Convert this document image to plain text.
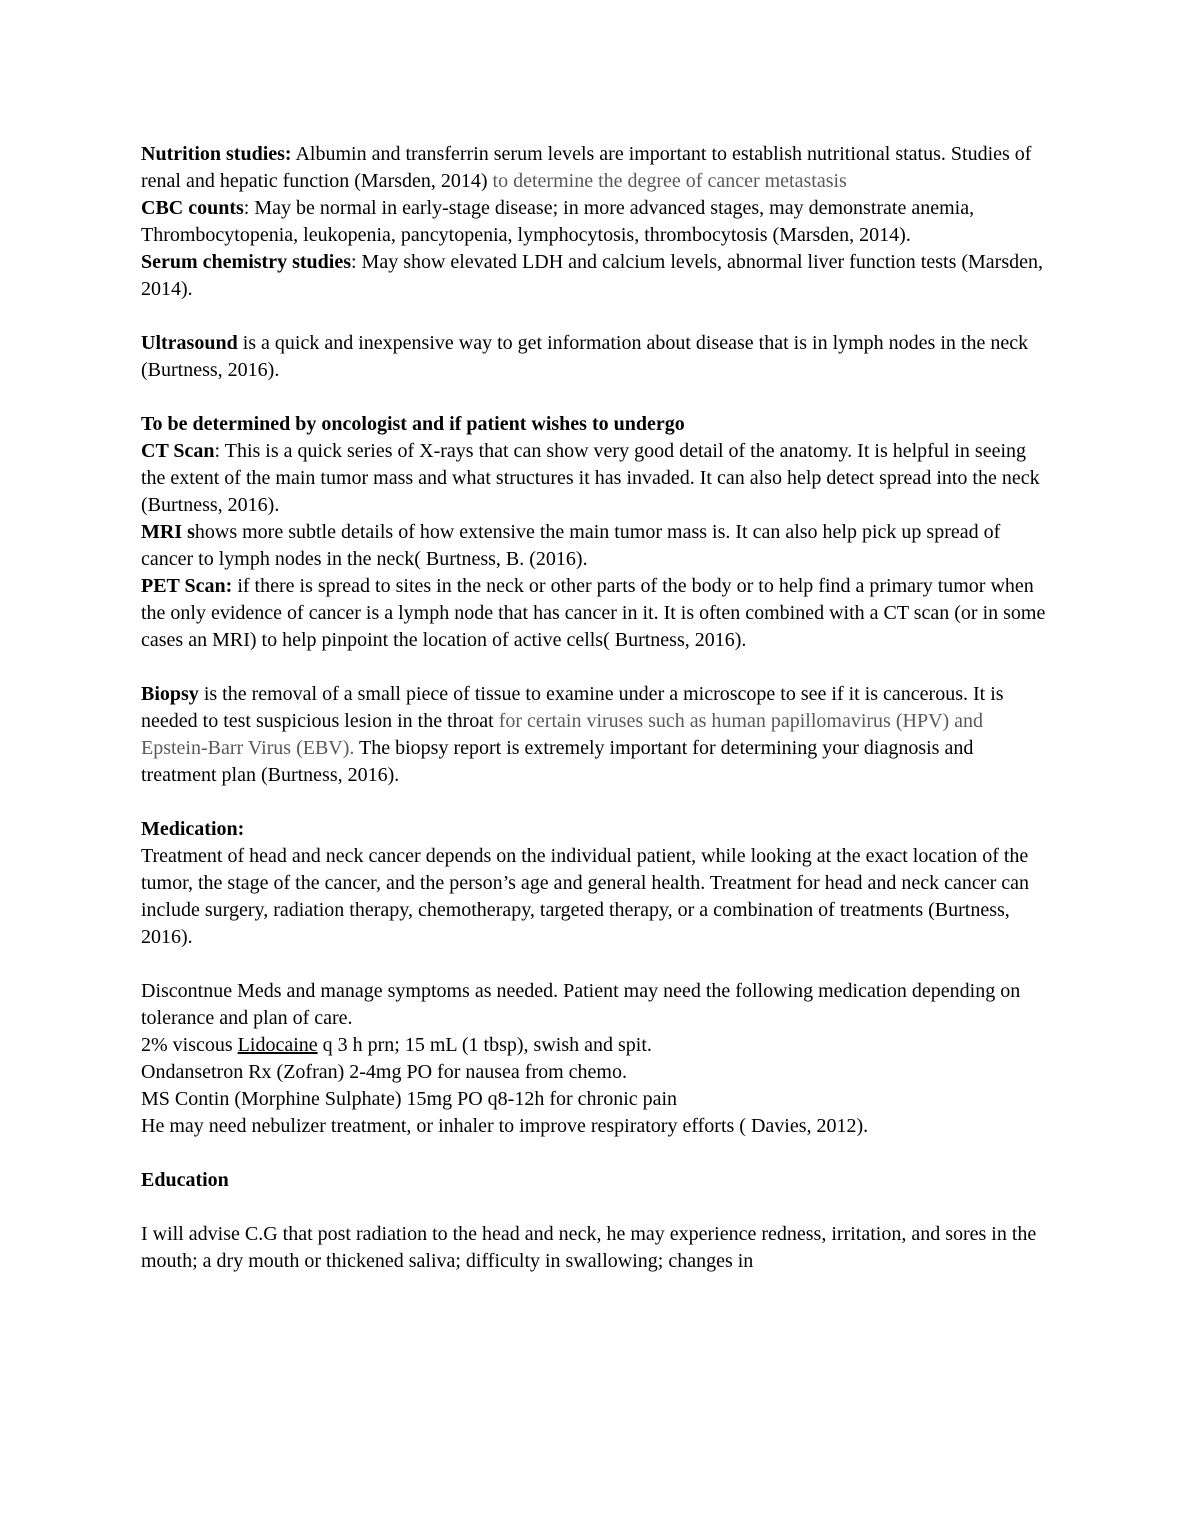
Nutrition studies: Albumin and transferrin serum levels are important to establish nutritional status. Studies of renal and hepatic function (Marsden, 2014) to determine the degree of cancer metastasis

CBC counts: May be normal in early-stage disease; in more advanced stages, may demonstrate anemia,

Thrombocytopenia, leukopenia, pancytopenia, lymphocytosis, thrombocytosis (Marsden, 2014).

Serum chemistry studies: May show elevated LDH and calcium levels, abnormal liver function tests (Marsden, 2014).

Ultrasound is a quick and inexpensive way to get information about disease that is in lymph nodes in the neck (Burtness, 2016).

To be determined by oncologist and if patient wishes to undergo

CT Scan: This is a quick series of X-rays that can show very good detail of the anatomy. It is helpful in seeing the extent of the main tumor mass and what structures it has invaded. It can also help detect spread into the neck (Burtness, 2016).

MRI shows more subtle details of how extensive the main tumor mass is. It can also help pick up spread of cancer to lymph nodes in the neck( Burtness, B. (2016).

PET Scan: if there is spread to sites in the neck or other parts of the body or to help find a primary tumor when the only evidence of cancer is a lymph node that has cancer in it. It is often combined with a CT scan (or in some cases an MRI) to help pinpoint the location of active cells( Burtness, 2016).

Biopsy is the removal of a small piece of tissue to examine under a microscope to see if it is cancerous. It is needed to test suspicious lesion in the throat for certain viruses such as human papillomavirus (HPV) and Epstein-Barr Virus (EBV). The biopsy report is extremely important for determining your diagnosis and treatment plan (Burtness, 2016).

Medication:

Treatment of head and neck cancer depends on the individual patient, while looking at the exact location of the tumor, the stage of the cancer, and the person’s age and general health. Treatment for head and neck cancer can include surgery, radiation therapy, chemotherapy, targeted therapy, or a combination of treatments (Burtness, 2016).

Discontnue Meds and manage symptoms as needed. Patient may need the following medication depending on tolerance and plan of care.

2% viscous Lidocaine q 3 h prn; 15 mL (1 tbsp), swish and spit.

Ondansetron Rx (Zofran) 2-4mg PO for nausea from chemo.

MS Contin (Morphine Sulphate) 15mg PO q8-12h for chronic pain

He may need nebulizer treatment, or inhaler to improve respiratory efforts ( Davies, 2012).

Education

I will advise C.G that post radiation to the head and neck, he may experience redness, irritation, and sores in the mouth; a dry mouth or thickened saliva; difficulty in swallowing; changes in
